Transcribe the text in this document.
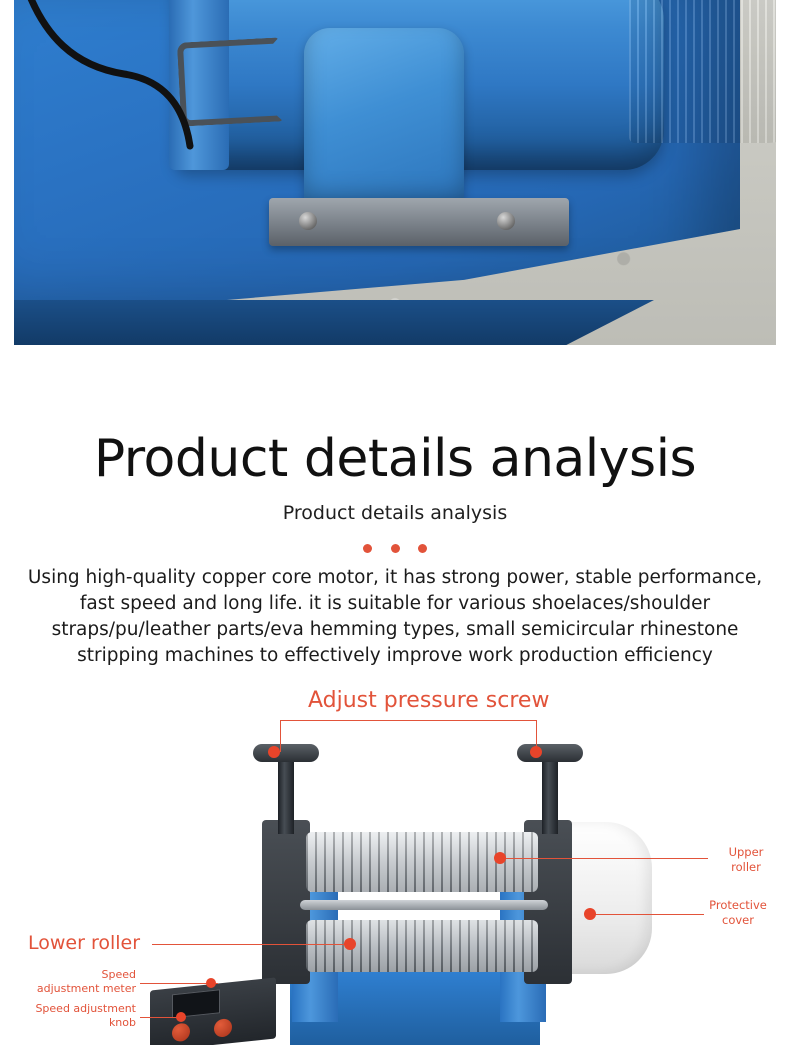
Product details analysis
Product details analysis

Using high-quality copper core motor, it has strong power, stable performance, fast speed and long life. it is suitable for various shoelaces/shoulder straps/pu/leather parts/eva hemming types, small semicircular rhinestone stripping machines to effectively improve work production efficiency
Adjust pressure screw
Upper roller
Protective cover
Lower roller
Speed adjustment meter
Speed adjustment knob
